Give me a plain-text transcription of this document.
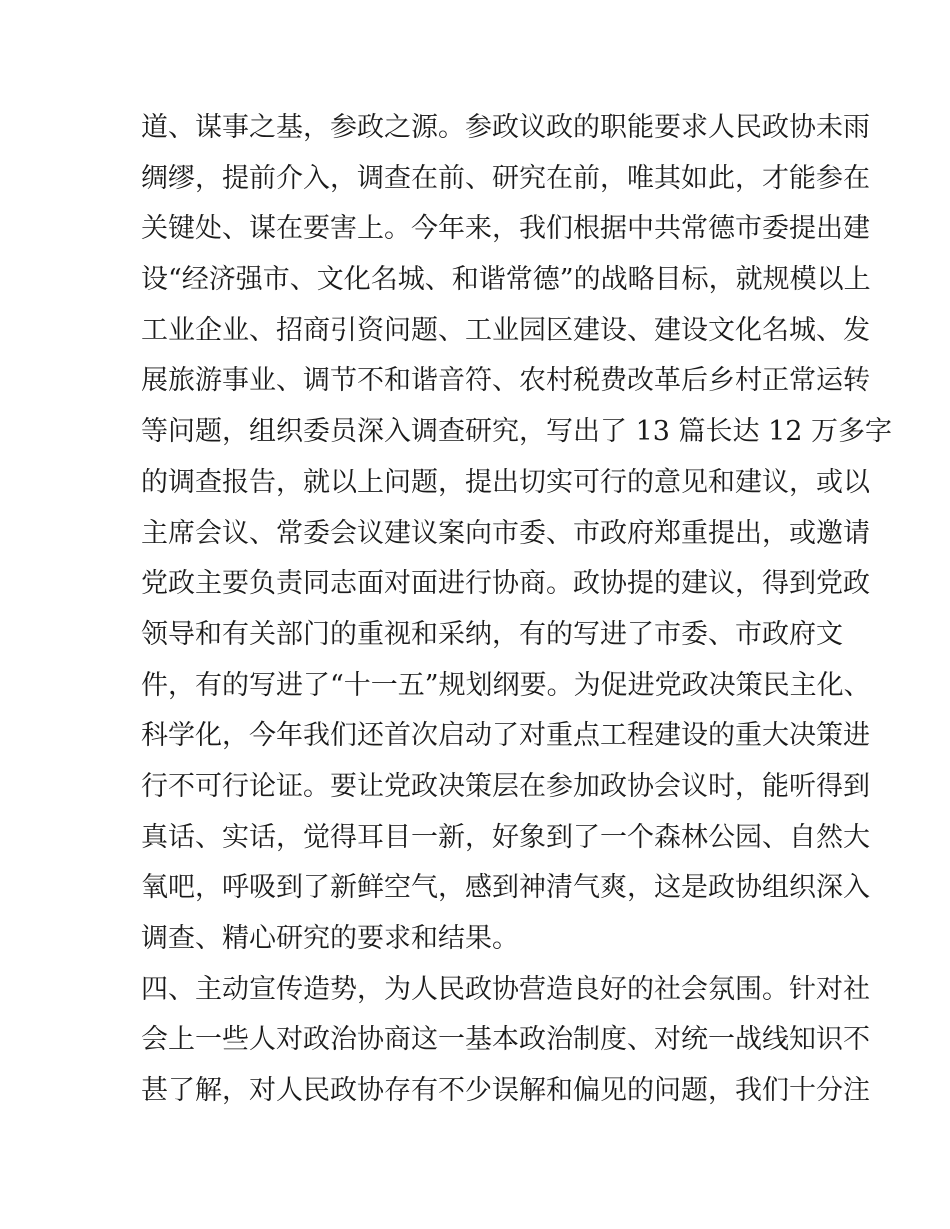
道、谋事之基，参政之源。参政议政的职能要求人民政协未雨
绸缪，提前介入，调查在前、研究在前，唯其如此，才能参在
关键处、谋在要害上。今年来，我们根据中共常德市委提出建
设“经济强市、文化名城、和谐常德”的战略目标，就规模以上
工业企业、招商引资问题、工业园区建设、建设文化名城、发
展旅游事业、调节不和谐音符、农村税费改革后乡村正常运转
等问题，组织委员深入调查研究，写出了 13 篇长达 12 万多字
的调查报告，就以上问题，提出切实可行的意见和建议，或以
主席会议、常委会议建议案向市委、市政府郑重提出，或邀请
党政主要负责同志面对面进行协商。政协提的建议，得到党政
领导和有关部门的重视和采纳，有的写进了市委、市政府文
件，有的写进了“十一五”规划纲要。为促进党政决策民主化、
科学化，今年我们还首次启动了对重点工程建设的重大决策进
行不可行论证。要让党政决策层在参加政协会议时，能听得到
真话、实话，觉得耳目一新，好象到了一个森林公园、自然大
氧吧，呼吸到了新鲜空气，感到神清气爽，这是政协组织深入
调查、精心研究的要求和结果。
四、主动宣传造势，为人民政协营造良好的社会氛围。针对社
会上一些人对政治协商这一基本政治制度、对统一战线知识不
甚了解，对人民政协存有不少误解和偏见的问题，我们十分注
